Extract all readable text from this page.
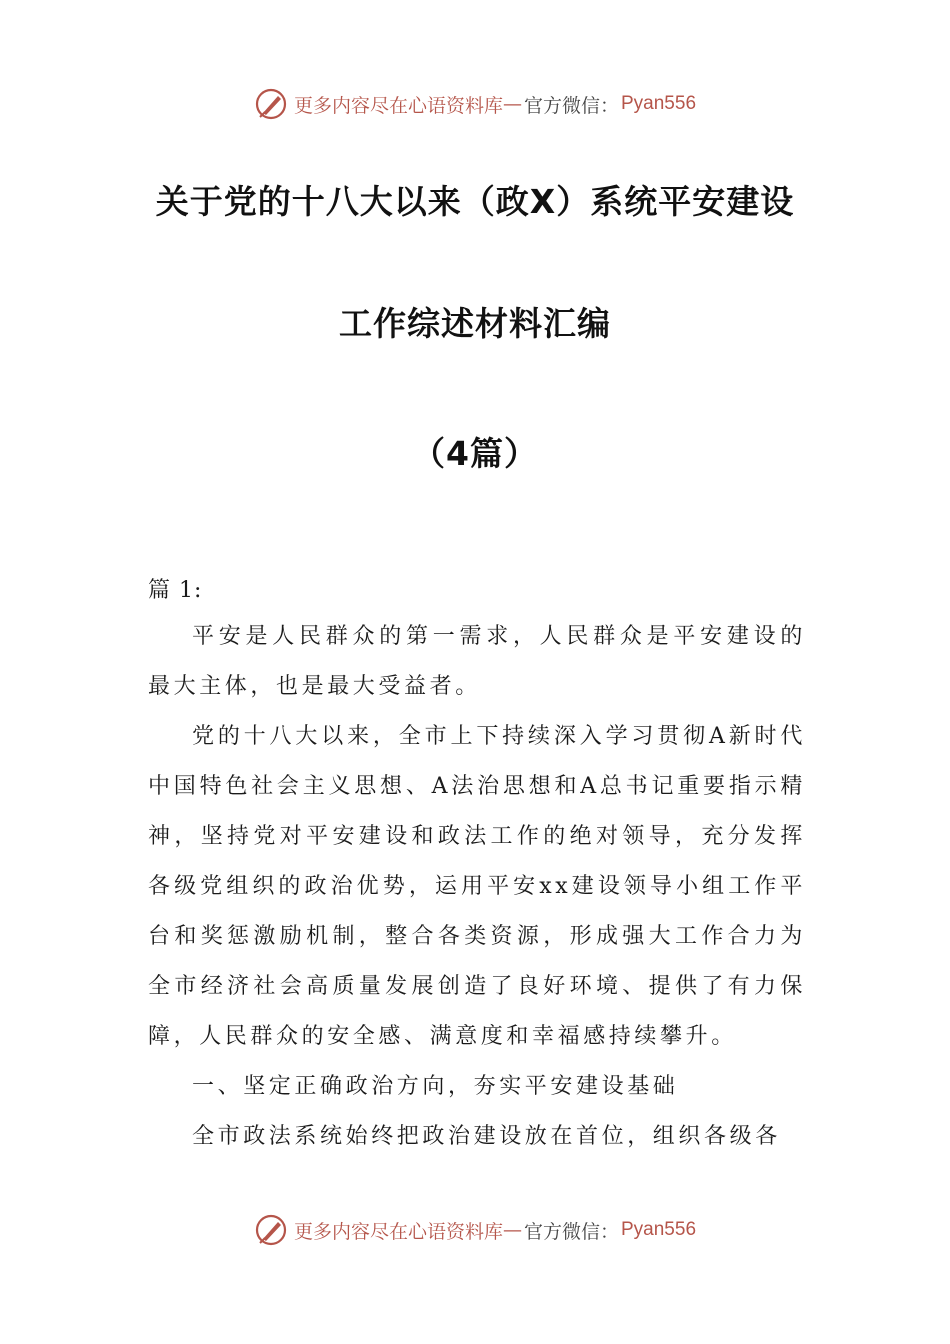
更多内容尽在心语资料库 — 官方微信： Pyan556
关于党的十八大以来（政X）系统平安建设
工作综述材料汇编
（4篇）
篇 1:

平安是人民群众的第一需求，人民群众是平安建设的最大主体，也是最大受益者。

党的十八大以来，全市上下持续深入学习贯彻A新时代中国特色社会主义思想、A法治思想和A总书记重要指示精神，坚持党对平安建设和政法工作的绝对领导，充分发挥各级党组织的政治优势，运用平安xx建设领导小组工作平台和奖惩激励机制，整合各类资源，形成强大工作合力为全市经济社会高质量发展创造了良好环境、提供了有力保障，人民群众的安全感、满意度和幸福感持续攀升。

一、坚定正确政治方向，夯实平安建设基础

全市政法系统始终把政治建设放在首位，组织各级各

更多内容尽在心语资料库 — 官方微信： Pyan556
